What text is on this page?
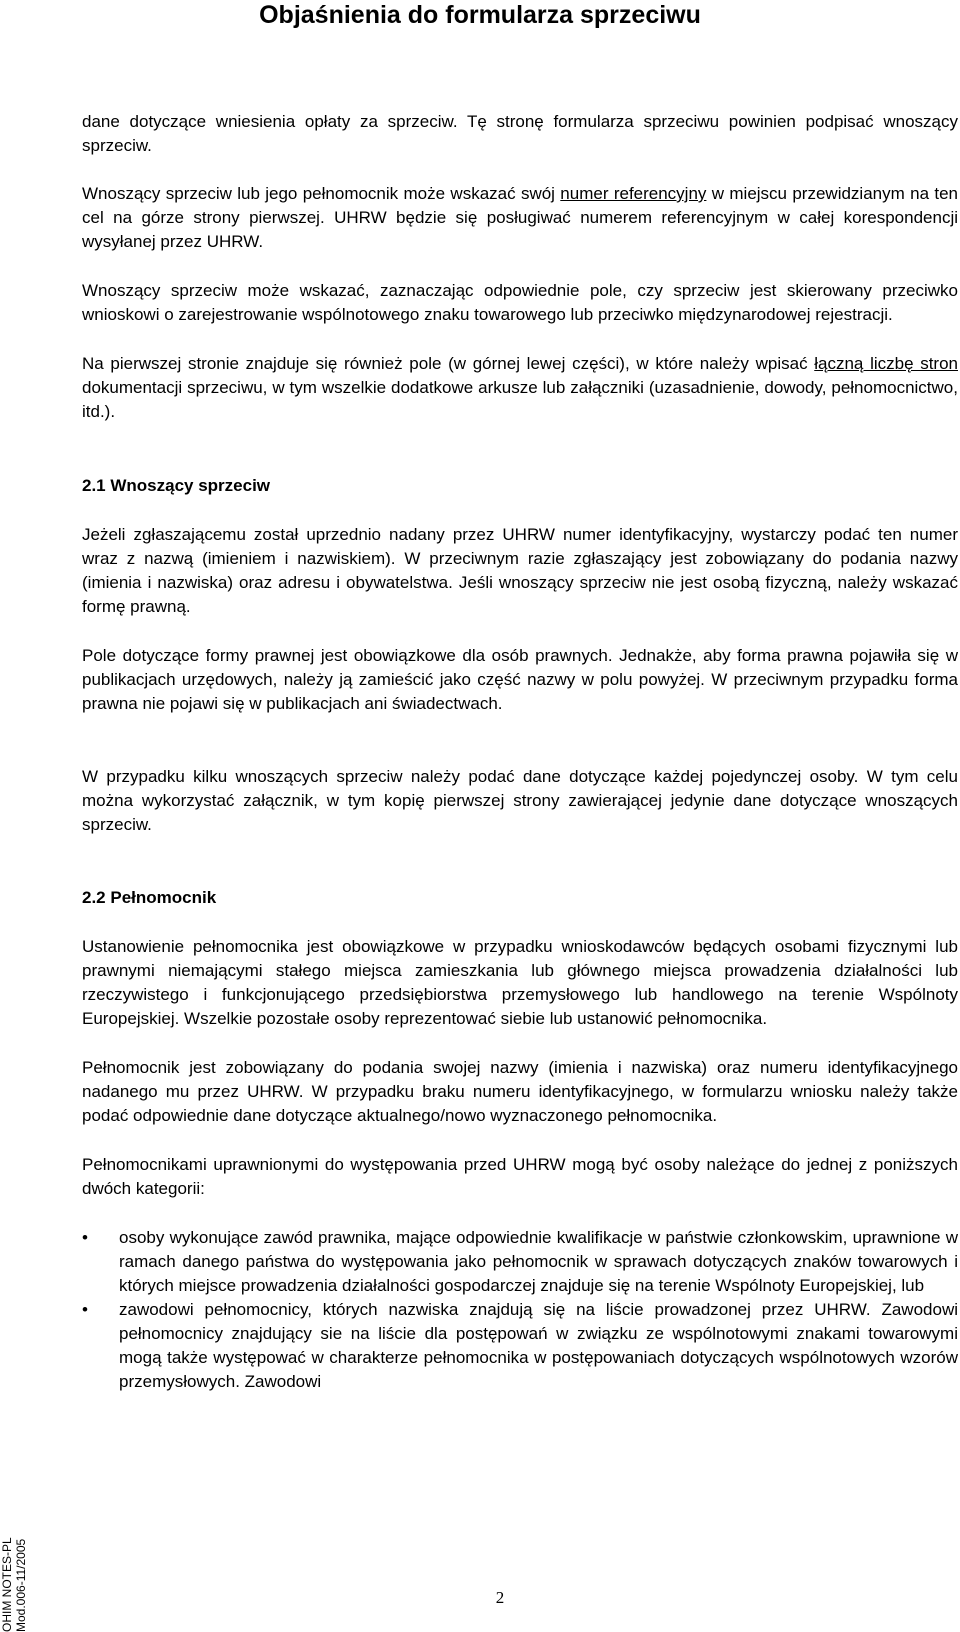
Objaśnienia do formularza sprzeciwu

dane dotyczące wniesienia opłaty za sprzeciw. Tę stronę formularza sprzeciwu powinien podpisać wnoszący sprzeciw.

Wnoszący sprzeciw lub jego pełnomocnik może wskazać swój numer referencyjny w miejscu przewidzianym na ten cel na górze strony pierwszej. UHRW będzie się posługiwać numerem referencyjnym w całej korespondencji wysyłanej przez UHRW.

Wnoszący sprzeciw może wskazać, zaznaczając odpowiednie pole, czy sprzeciw jest skierowany przeciwko wnioskowi o zarejestrowanie wspólnotowego znaku towarowego lub przeciwko międzynarodowej rejestracji.

Na pierwszej stronie znajduje się również pole (w górnej lewej części), w które należy wpisać łączną liczbę stron dokumentacji sprzeciwu, w tym wszelkie dodatkowe arkusze lub załączniki (uzasadnienie, dowody, pełnomocnictwo, itd.).

2.1 Wnoszący sprzeciw

Jeżeli zgłaszającemu został uprzednio nadany przez UHRW numer identyfikacyjny, wystarczy podać ten numer wraz z nazwą (imieniem i nazwiskiem). W przeciwnym razie zgłaszający jest zobowiązany do podania nazwy (imienia i nazwiska) oraz adresu i obywatelstwa. Jeśli wnoszący sprzeciw nie jest osobą fizyczną, należy wskazać formę prawną.

Pole dotyczące formy prawnej jest obowiązkowe dla osób prawnych. Jednakże, aby forma prawna pojawiła się w publikacjach urzędowych, należy ją zamieścić jako część nazwy w polu powyżej. W przeciwnym przypadku forma prawna nie pojawi się w publikacjach ani świadectwach.

W przypadku kilku wnoszących sprzeciw należy podać dane dotyczące każdej pojedynczej osoby. W tym celu można wykorzystać załącznik, w tym kopię pierwszej strony zawierającej jedynie dane dotyczące wnoszących sprzeciw.

2.2 Pełnomocnik

Ustanowienie pełnomocnika jest obowiązkowe w przypadku wnioskodawców będących osobami fizycznymi lub prawnymi niemającymi stałego miejsca zamieszkania lub głównego miejsca prowadzenia działalności lub rzeczywistego i funkcjonującego przedsiębiorstwa przemysłowego lub handlowego na terenie Wspólnoty Europejskiej. Wszelkie pozostałe osoby reprezentować siebie lub ustanowić pełnomocnika.

Pełnomocnik jest zobowiązany do podania swojej nazwy (imienia i nazwiska) oraz numeru identyfikacyjnego nadanego mu przez UHRW. W przypadku braku numeru identyfikacyjnego, w formularzu wniosku należy także podać odpowiednie dane dotyczące aktualnego/nowo wyznaczonego pełnomocnika.

Pełnomocnikami uprawnionymi do występowania przed UHRW mogą być osoby należące do jednej z poniższych dwóch kategorii:

•	osoby wykonujące zawód prawnika, mające odpowiednie kwalifikacje w państwie członkowskim, uprawnione w ramach danego państwa do występowania jako pełnomocnik w sprawach dotyczących znaków towarowych i których miejsce prowadzenia działalności gospodarczej znajduje się na terenie Wspólnoty Europejskiej, lub
•	zawodowi pełnomocnicy, których nazwiska znajdują się na liście prowadzonej przez UHRW. Zawodowi pełnomocnicy znajdujący sie na liście dla postępowań w związku ze wspólnotowymi znakami towarowymi mogą także występować w charakterze pełnomocnika w postępowaniach dotyczących wspólnotowych wzorów przemysłowych. Zawodowi
2
OHIM NOTES-PL Mod.006-11/2005
